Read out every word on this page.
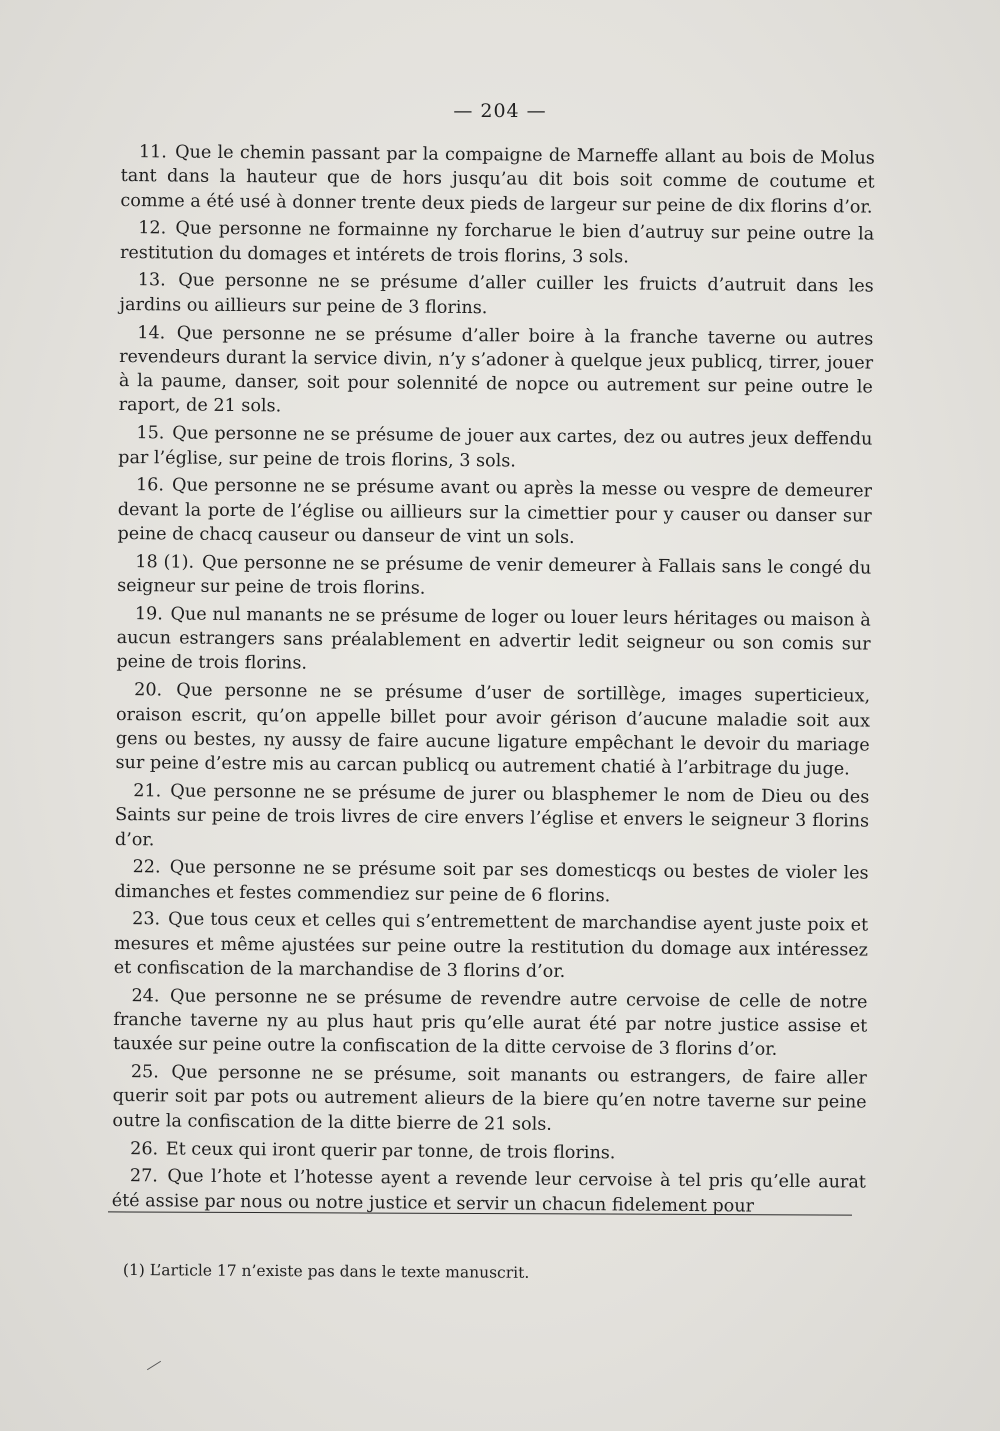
— 204 —

11. Que le chemin passant par la compaigne de Marneffe allant au bois de Molus tant dans la hauteur que de hors jusqu’au dit bois soit comme de coutume et comme a été usé à donner trente deux pieds de largeur sur peine de dix florins d’or.

12. Que personne ne formainne ny forcharue le bien d’autruy sur peine outre la restitution du domages et intérets de trois florins, 3 sols.

13. Que personne ne se présume d’aller cuiller les fruicts d’autruit dans les jardins ou aillieurs sur peine de 3 florins.

14. Que personne ne se présume d’aller boire à la franche taverne ou autres revendeurs durant la service divin, n’y s’adoner à quelque jeux publicq, tirrer, jouer à la paume, danser, soit pour solennité de nopce ou autrement sur peine outre le raport, de 21 sols.

15. Que personne ne se présume de jouer aux cartes, dez ou autres jeux deffendu par l’église, sur peine de trois florins, 3 sols.

16. Que personne ne se présume avant ou après la messe ou vespre de demeurer devant la porte de l’église ou aillieurs sur la cimettier pour y causer ou danser sur peine de chacq causeur ou danseur de vint un sols.

18 (1). Que personne ne se présume de venir demeurer à Fallais sans le congé du seigneur sur peine de trois florins.

19. Que nul manants ne se présume de loger ou louer leurs héritages ou maison à aucun estrangers sans préalablement en advertir ledit seigneur ou son comis sur peine de trois florins.

20. Que personne ne se présume d’user de sortillège, images superticieux, oraison escrit, qu’on appelle billet pour avoir gérison d’aucune maladie soit aux gens ou bestes, ny aussy de faire aucune ligature empêchant le devoir du mariage sur peine d’estre mis au carcan publicq ou autrement chatié à l’arbitrage du juge.

21. Que personne ne se présume de jurer ou blasphemer le nom de Dieu ou des Saints sur peine de trois livres de cire envers l’église et envers le seigneur 3 florins d’or.

22. Que personne ne se présume soit par ses domesticqs ou bestes de violer les dimanches et festes commendiez sur peine de 6 florins.

23. Que tous ceux et celles qui s’entremettent de marchandise ayent juste poix et mesures et même ajustées sur peine outre la restitution du domage aux intéressez et confiscation de la marchandise de 3 florins d’or.

24. Que personne ne se présume de revendre autre cervoise de celle de notre franche taverne ny au plus haut pris qu’elle aurat été par notre justice assise et tauxée sur peine outre la confiscation de la ditte cervoise de 3 florins d’or.

25. Que personne ne se présume, soit manants ou estrangers, de faire aller querir soit par pots ou autrement alieurs de la biere qu’en notre taverne sur peine outre la confiscation de la ditte bierre de 21 sols.

26. Et ceux qui iront querir par tonne, de trois florins.

27. Que l’hote et l’hotesse ayent a revende leur cervoise à tel pris qu’elle aurat été assise par nous ou notre justice et servir un chacun fidelement pour

(1) L’article 17 n’existe pas dans le texte manuscrit.
